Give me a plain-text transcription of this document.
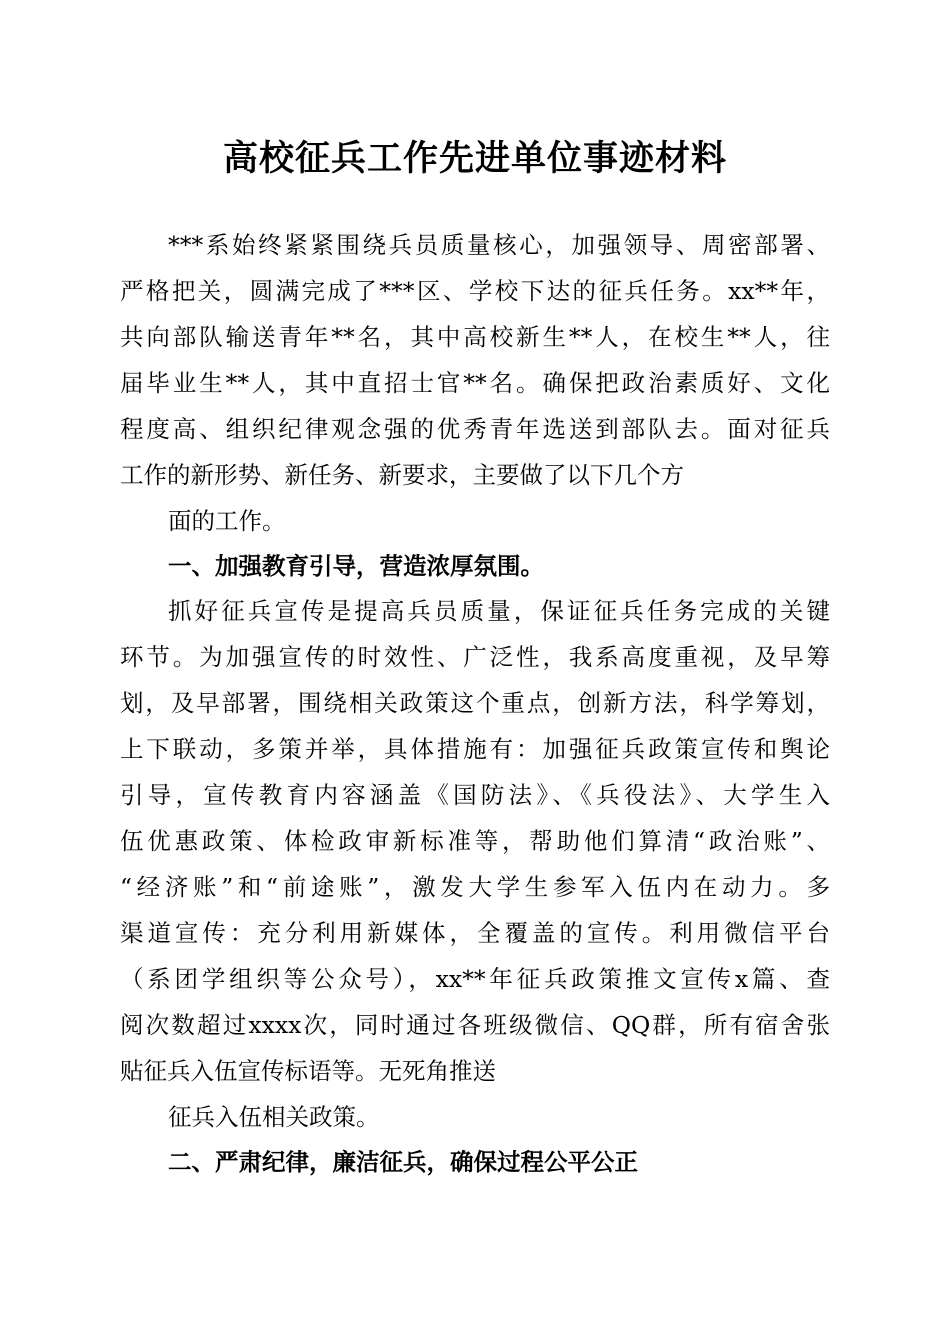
高校征兵工作先进单位事迹材料
***系始终紧紧围绕兵员质量核心，加强领导、周密部署、
严格把关，圆满完成了***区、学校下达的征兵任务。xx**年，
共向部队输送青年**名，其中高校新生**人，在校生**人，往
届毕业生**人，其中直招士官**名。确保把政治素质好、文化
程度高、组织纪律观念强的优秀青年选送到部队去。面对征兵
工作的新形势、新任务、新要求，主要做了以下几个方
面的工作。
一、加强教育引导，营造浓厚氛围。
抓好征兵宣传是提高兵员质量，保证征兵任务完成的关键
环节。为加强宣传的时效性、广泛性，我系高度重视，及早筹
划，及早部署，围绕相关政策这个重点，创新方法，科学筹划，
上下联动，多策并举，具体措施有：加强征兵政策宣传和舆论
引导，宣传教育内容涵盖《国防法》、《兵役法》、大学生入
伍优惠政策、体检政审新标准等，帮助他们算清“政治账”、
“经济账”和“前途账”，激发大学生参军入伍内在动力。多
渠道宣传：充分利用新媒体，全覆盖的宣传。利用微信平台
（系团学组织等公众号），xx**年征兵政策推文宣传x篇、查
阅次数超过xxxx次，同时通过各班级微信、QQ群，所有宿舍张
贴征兵入伍宣传标语等。无死角推送
征兵入伍相关政策。
二、严肃纪律，廉洁征兵，确保过程公平公正
